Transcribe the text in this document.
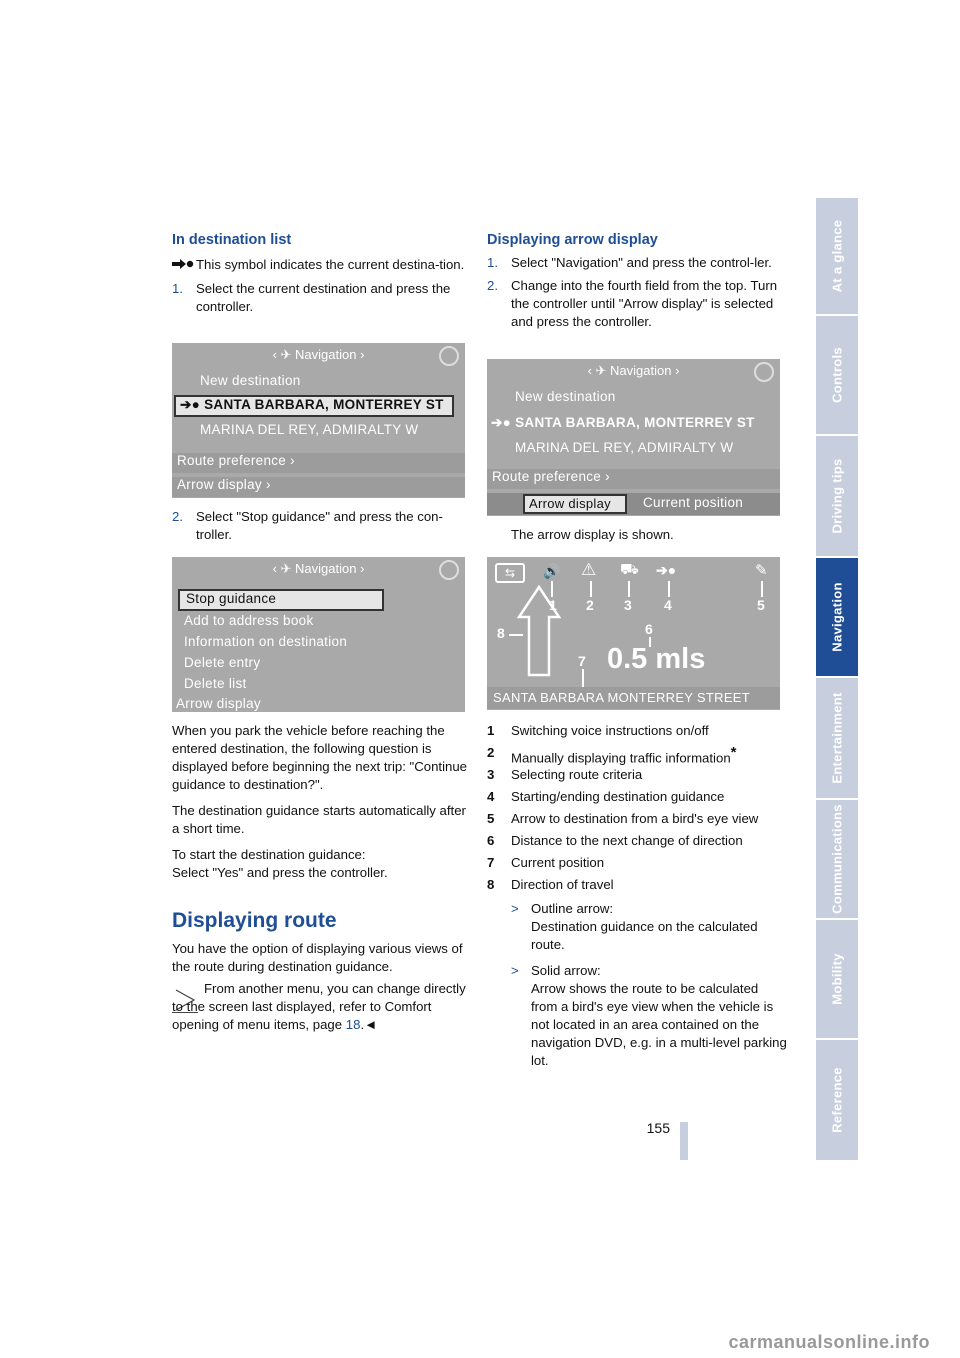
In destination list

This symbol indicates the current destina-tion.

1. Select the current destination and press the controller.
‹ ✈ Navigation ›
New destination
➔● SANTA BARBARA, MONTERREY ST
MARINA DEL REY, ADMIRALTY W
Route preference ›
Arrow display ›
2. Select "Stop guidance" and press the con-troller.
‹ ✈ Navigation ›
Stop guidance
Add to address book
Information on destination
Delete entry
Delete list
Arrow display

When you park the vehicle before reaching the entered destination, the following question is displayed before beginning the next trip: "Continue guidance to destination?".

The destination guidance starts automatically after a short time.

To start the destination guidance:
Select "Yes" and press the controller.

Displaying route

You have the option of displaying various views of the route during destination guidance.

From another menu, you can change directly to the screen last displayed, refer to Comfort opening of menu items, page 18.◄

Displaying arrow display
1. Select "Navigation" and press the control-ler.
2. Change into the fourth field from the top. Turn the controller until "Arrow display" is selected and press the controller.
‹ ✈ Navigation ›
New destination
➔● SANTA BARBARA, MONTERREY ST
MARINA DEL REY, ADMIRALTY W
Route preference ›
Arrow display	Current position

The arrow display is shown.

⇆	🔊 ⚠ ⛟ ➔●	✎
1 2 3 4	5
8	6
0.5 mls
7
SANTA BARBARA MONTERREY STREET
1 Switching voice instructions on/off
2 Manually displaying traffic information*
3 Selecting route criteria
4 Starting/ending destination guidance
5 Arrow to destination from a bird's eye view
6 Distance to the next change of direction
7 Current position
8 Direction of travel
> Outline arrow:
Destination guidance on the calculated route.
> Solid arrow:
Arrow shows the route to be calculated from a bird's eye view when the vehicle is not located in an area contained on the navigation DVD, e.g. in a multi-level parking lot.
At a glance
Controls
Driving tips
Navigation
Entertainment
Communications
Mobility
Reference
155
carmanualsonline.info
